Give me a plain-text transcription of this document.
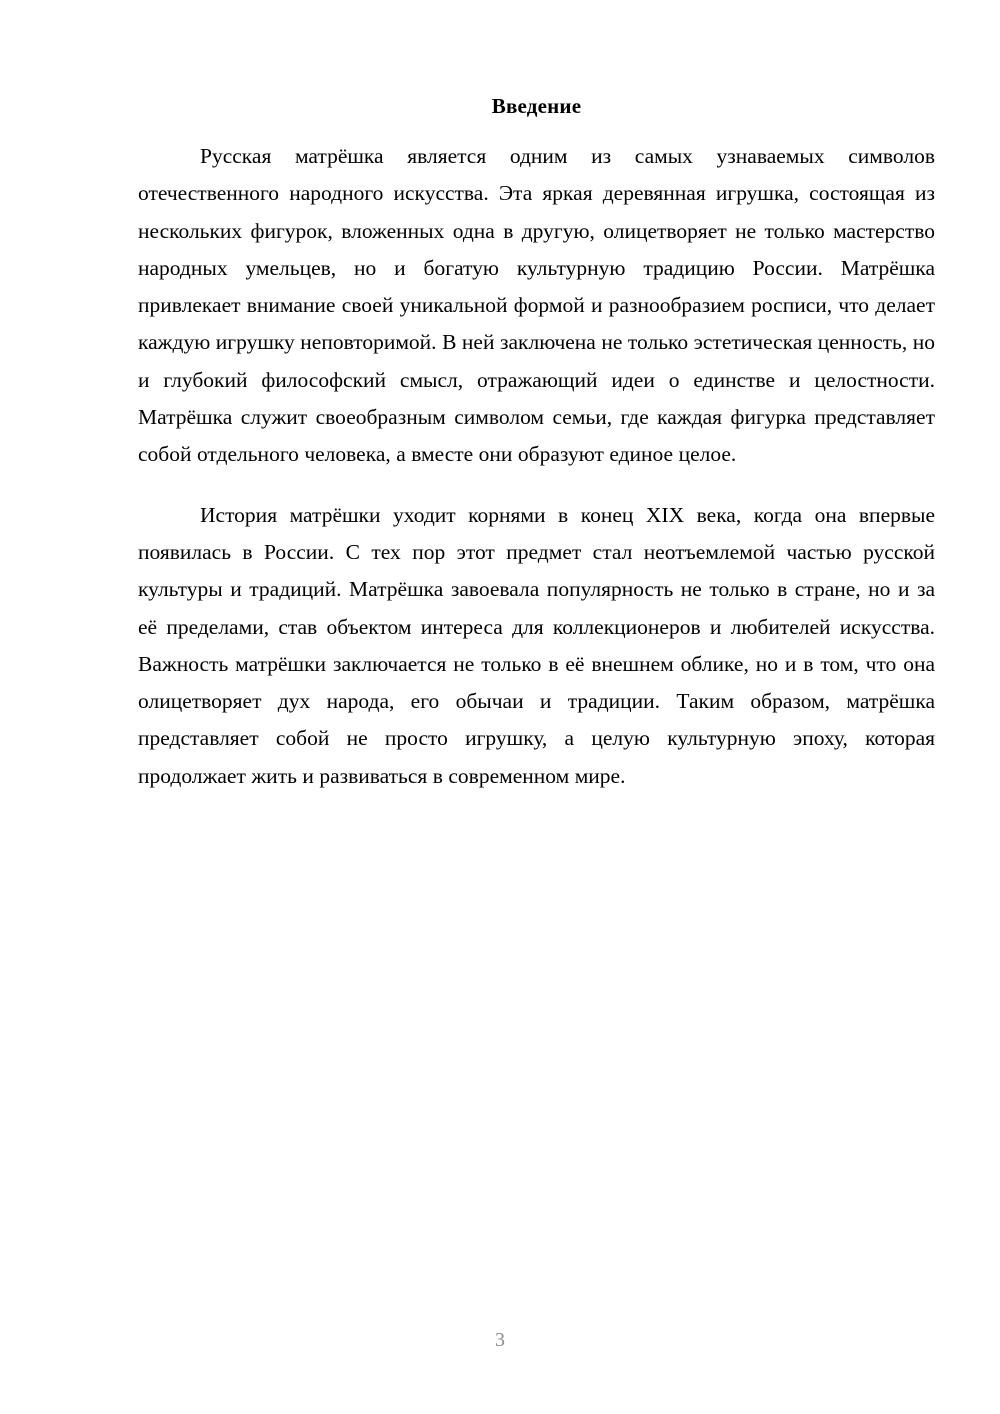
Введение

Русская матрёшка является одним из самых узнаваемых символов отечественного народного искусства. Эта яркая деревянная игрушка, состоящая из нескольких фигурок, вложенных одна в другую, олицетворяет не только мастерство народных умельцев, но и богатую культурную традицию России. Матрёшка привлекает внимание своей уникальной формой и разнообразием росписи, что делает каждую игрушку неповторимой. В ней заключена не только эстетическая ценность, но и глубокий философский смысл, отражающий идеи о единстве и целостности. Матрёшка служит своеобразным символом семьи, где каждая фигурка представляет собой отдельного человека, а вместе они образуют единое целое.

История матрёшки уходит корнями в конец XIX века, когда она впервые появилась в России. С тех пор этот предмет стал неотъемлемой частью русской культуры и традиций. Матрёшка завоевала популярность не только в стране, но и за её пределами, став объектом интереса для коллекционеров и любителей искусства. Важность матрёшки заключается не только в её внешнем облике, но и в том, что она олицетворяет дух народа, его обычаи и традиции. Таким образом, матрёшка представляет собой не просто игрушку, а целую культурную эпоху, которая продолжает жить и развиваться в современном мире.

3
